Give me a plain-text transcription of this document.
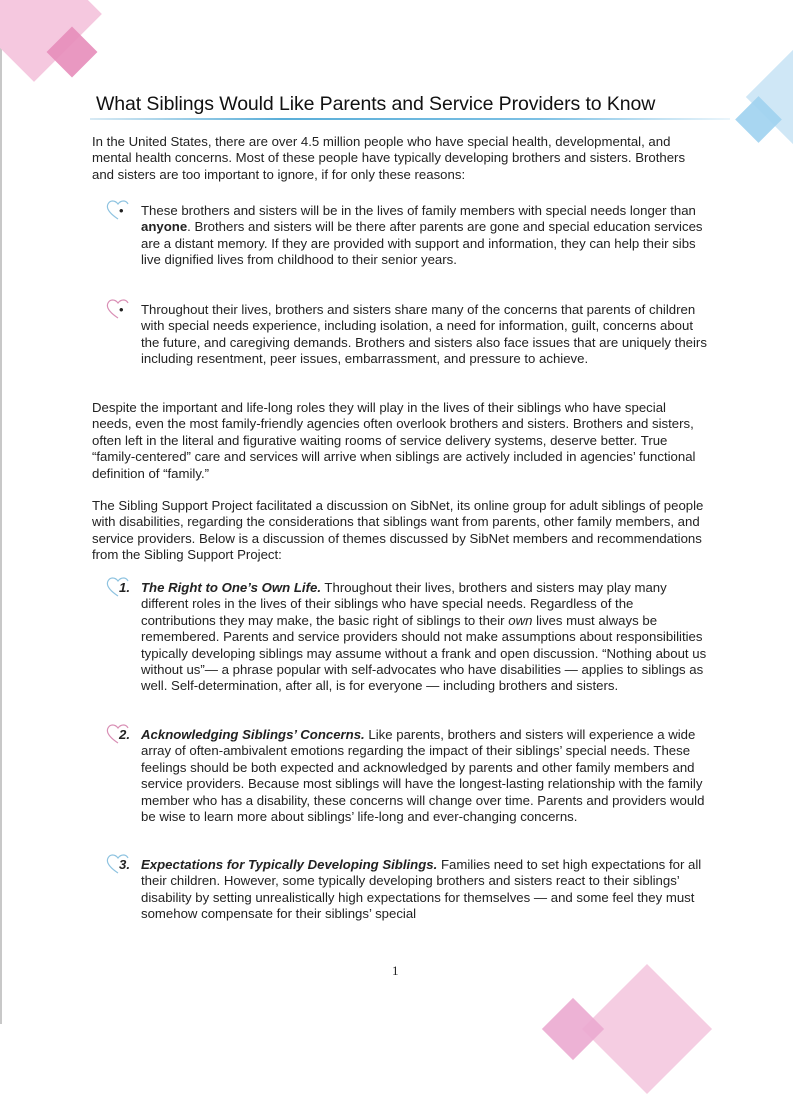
What Siblings Would Like Parents and Service Providers to Know

In the United States, there are over 4.5 million people who have special health, developmental, and mental health concerns. Most of these people have typically developing brothers and sisters. Brothers and sisters are too important to ignore, if for only these reasons:

• These brothers and sisters will be in the lives of family members with special needs longer than anyone. Brothers and sisters will be there after parents are gone and special education services are a distant memory. If they are provided with support and information, they can help their sibs live dignified lives from childhood to their senior years.

• Throughout their lives, brothers and sisters share many of the concerns that parents of children with special needs experience, including isolation, a need for information, guilt, concerns about the future, and caregiving demands. Brothers and sisters also face issues that are uniquely theirs including resentment, peer issues, embarrassment, and pressure to achieve.

Despite the important and life-long roles they will play in the lives of their siblings who have special needs, even the most family-friendly agencies often overlook brothers and sisters. Brothers and sisters, often left in the literal and figurative waiting rooms of service delivery systems, deserve better. True “family-centered” care and services will arrive when siblings are actively included in agencies’ functional definition of “family.”

The Sibling Support Project facilitated a discussion on SibNet, its online group for adult siblings of people with disabilities, regarding the considerations that siblings want from parents, other family members, and service providers. Below is a discussion of themes discussed by SibNet members and recommendations from the Sibling Support Project:

1. The Right to One’s Own Life. Throughout their lives, brothers and sisters may play many different roles in the lives of their siblings who have special needs. Regardless of the contributions they may make, the basic right of siblings to their own lives must always be remembered. Parents and service providers should not make assumptions about responsibilities typically developing siblings may assume without a frank and open discussion. “Nothing about us without us”— a phrase popular with self-advocates who have disabilities — applies to siblings as well. Self-determination, after all, is for everyone — including brothers and sisters.

2. Acknowledging Siblings’ Concerns. Like parents, brothers and sisters will experience a wide array of often-ambivalent emotions regarding the impact of their siblings’ special needs. These feelings should be both expected and acknowledged by parents and other family members and service providers. Because most siblings will have the longest-lasting relationship with the family member who has a disability, these concerns will change over time. Parents and providers would be wise to learn more about siblings’ life-long and ever-changing concerns.

3. Expectations for Typically Developing Siblings. Families need to set high expectations for all their children. However, some typically developing brothers and sisters react to their siblings’ disability by setting unrealistically high expectations for themselves — and some feel they must somehow compensate for their siblings’ special

1
